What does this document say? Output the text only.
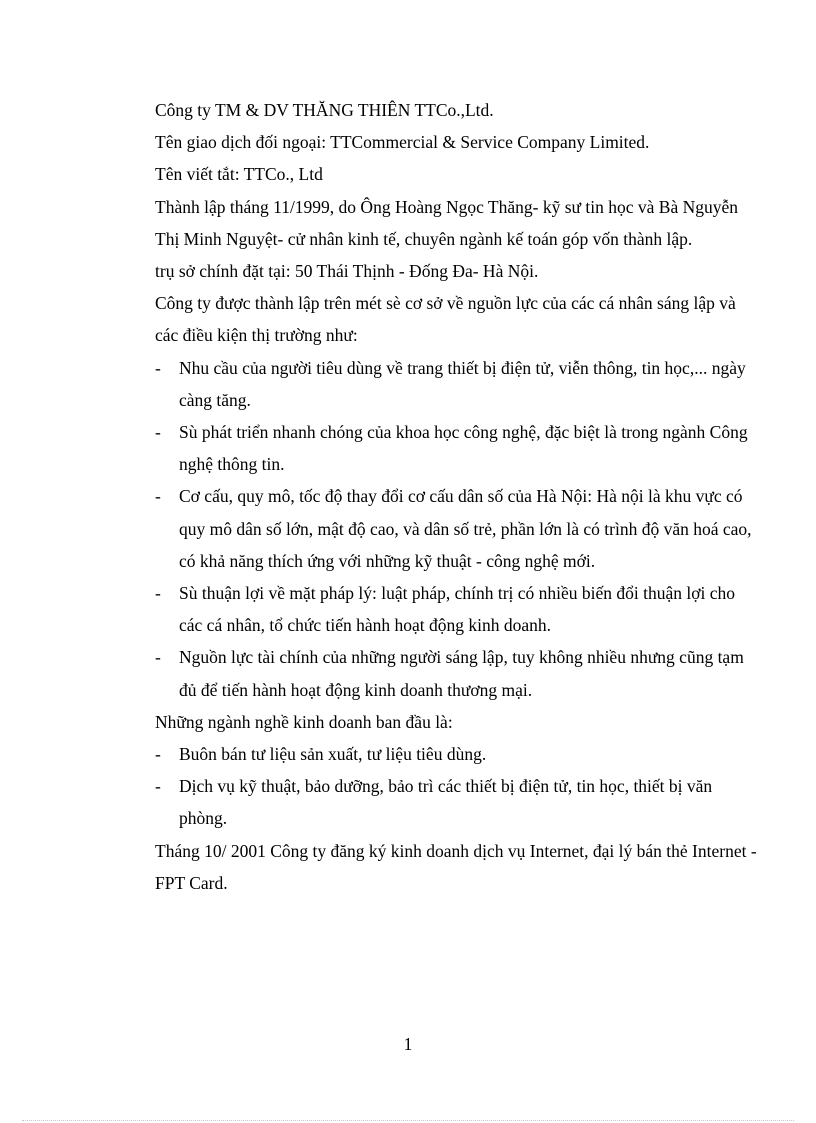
Công ty TM & DV THĂNG THIÊN TTCo.,Ltd.

Tên giao dịch đối ngoại: TTCommercial & Service Company Limited.

Tên viết tắt: TTCo., Ltd

Thành lập tháng 11/1999, do Ông Hoàng Ngọc Thăng- kỹ sư tin học và Bà Nguyễn Thị Minh Nguyệt- cử nhân kinh tế, chuyên ngành kế toán góp vốn thành lập.

trụ sở chính đặt tại: 50 Thái Thịnh - Đống Đa- Hà Nội.

Công ty được thành lập trên mét sè cơ sở về nguồn lực của các cá nhân sáng lập và các điều kiện thị trường như:

- Nhu cầu của người tiêu dùng về trang thiết bị điện tử, viễn thông, tin học,... ngày càng tăng.

- Sù phát triển nhanh chóng của khoa học công nghệ, đặc biệt là trong ngành Công nghệ thông tin.

- Cơ cấu, quy mô, tốc độ thay đổi cơ cấu dân số của Hà Nội: Hà nội là khu vực có quy mô dân số lớn, mật độ cao, và dân số trẻ, phần lớn là có trình độ văn hoá cao, có khả năng thích ứng với những kỹ thuật - công nghệ mới.

- Sù thuận lợi về mặt pháp lý: luật pháp, chính trị có nhiều biến đổi thuận lợi cho các cá nhân, tổ chức tiến hành hoạt động kinh doanh.

- Nguồn lực tài chính của những người sáng lập, tuy không nhiều nhưng cũng tạm đủ để tiến hành hoạt động kinh doanh thương mại.

Những ngành nghề kinh doanh ban đầu là:

- Buôn bán tư liệu sản xuất, tư liệu tiêu dùng.

- Dịch vụ kỹ thuật, bảo dưỡng, bảo trì các thiết bị điện tử, tin học, thiết bị văn phòng.

Tháng 10/ 2001 Công ty đăng ký kinh doanh dịch vụ Internet, đại lý bán thẻ Internet - FPT Card.

1
